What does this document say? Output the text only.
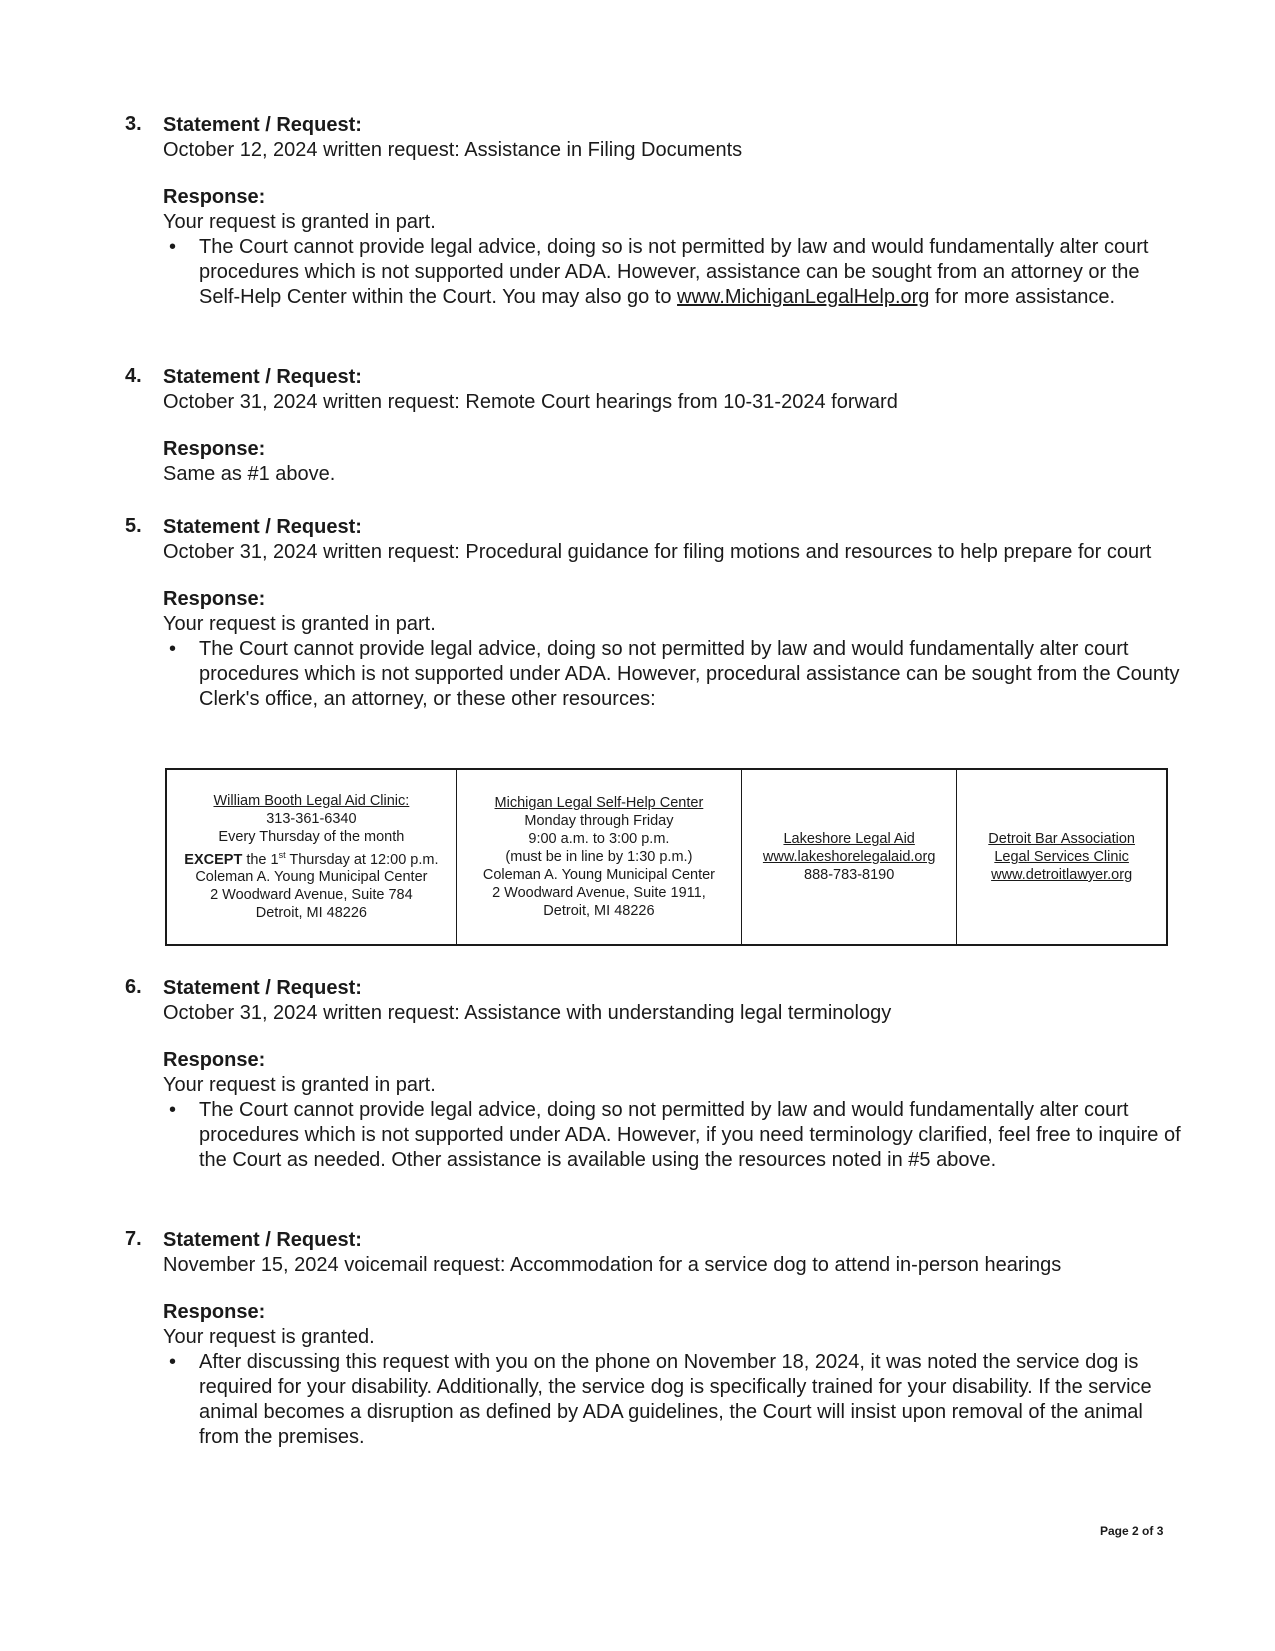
3. Statement / Request:
October 12, 2024 written request: Assistance in Filing Documents
Response:
Your request is granted in part.
• The Court cannot provide legal advice, doing so is not permitted by law and would fundamentally alter court procedures which is not supported under ADA. However, assistance can be sought from an attorney or the Self-Help Center within the Court. You may also go to www.MichiganLegalHelp.org for more assistance.
4. Statement / Request:
October 31, 2024 written request: Remote Court hearings from 10-31-2024 forward
Response:
Same as #1 above.
5. Statement / Request:
October 31, 2024 written request: Procedural guidance for filing motions and resources to help prepare for court
Response:
Your request is granted in part.
• The Court cannot provide legal advice, doing so not permitted by law and would fundamentally alter court procedures which is not supported under ADA. However, procedural assistance can be sought from the County Clerk's office, an attorney, or these other resources:
William Booth Legal Aid Clinic:
313-361-6340
Every Thursday of the month
EXCEPT the 1st Thursday at 12:00 p.m.
Coleman A. Young Municipal Center
2 Woodward Avenue, Suite 784
Detroit, MI 48226

Michigan Legal Self-Help Center
Monday through Friday
9:00 a.m. to 3:00 p.m.
(must be in line by 1:30 p.m.)
Coleman A. Young Municipal Center
2 Woodward Avenue, Suite 1911,
Detroit, MI 48226

Lakeshore Legal Aid
www.lakeshorelegalaid.org
888-783-8190

Detroit Bar Association
Legal Services Clinic
www.detroitlawyer.org
6. Statement / Request:
October 31, 2024 written request: Assistance with understanding legal terminology
Response:
Your request is granted in part.
• The Court cannot provide legal advice, doing so not permitted by law and would fundamentally alter court procedures which is not supported under ADA. However, if you need terminology clarified, feel free to inquire of the Court as needed. Other assistance is available using the resources noted in #5 above.
7. Statement / Request:
November 15, 2024 voicemail request: Accommodation for a service dog to attend in-person hearings
Response:
Your request is granted.
• After discussing this request with you on the phone on November 18, 2024, it was noted the service dog is required for your disability. Additionally, the service dog is specifically trained for your disability. If the service animal becomes a disruption as defined by ADA guidelines, the Court will insist upon removal of the animal from the premises.
Page 2 of 3
